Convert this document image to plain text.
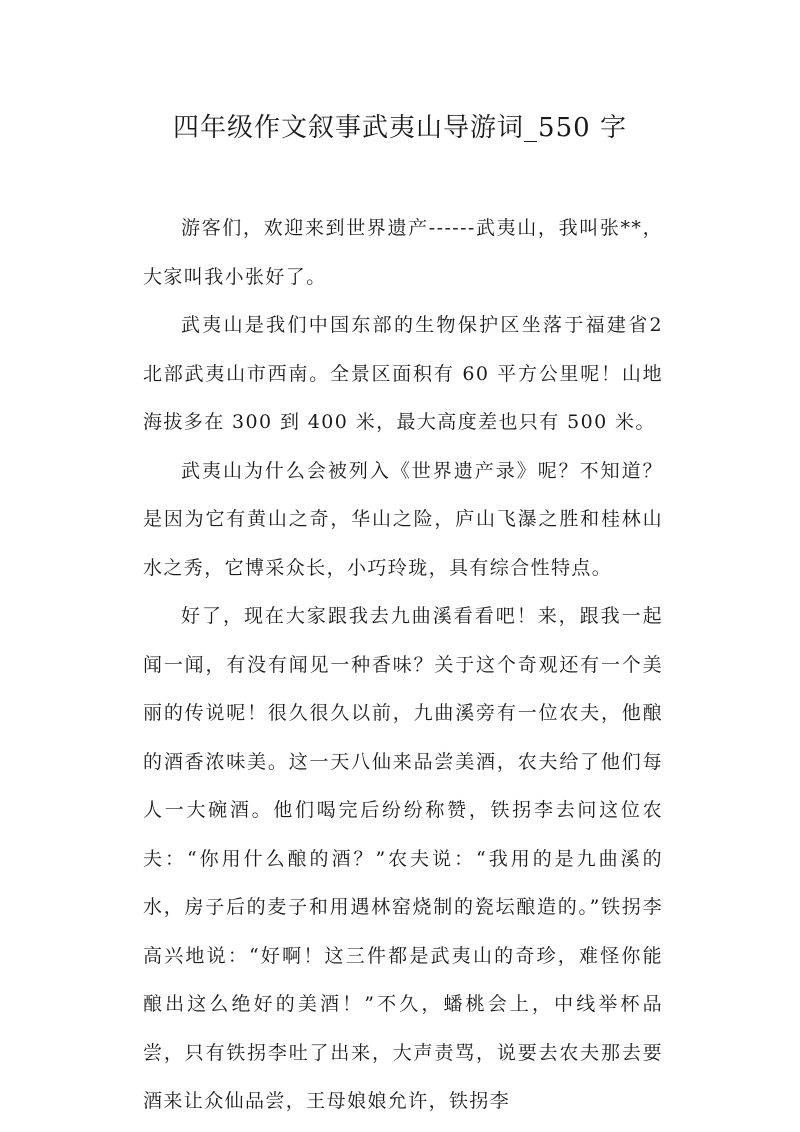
四年级作文叙事武夷山导游词_550 字

游客们，欢迎来到世界遗产------武夷山，我叫张**，大家叫我小张好了。

武夷山是我们中国东部的生物保护区坐落于福建省2 北部武夷山市西南。全景区面积有 60 平方公里呢！山地海拔多在 300 到 400 米，最大高度差也只有 500 米。

武夷山为什么会被列入《世界遗产录》呢？不知道？是因为它有黄山之奇，华山之险，庐山飞瀑之胜和桂林山水之秀，它博采众长，小巧玲珑，具有综合性特点。

好了，现在大家跟我去九曲溪看看吧！来，跟我一起闻一闻，有没有闻见一种香味？关于这个奇观还有一个美丽的传说呢！很久很久以前，九曲溪旁有一位农夫，他酿的酒香浓味美。这一天八仙来品尝美酒，农夫给了他们每人一大碗酒。他们喝完后纷纷称赞，铁拐李去问这位农夫：“你用什么酿的酒？”农夫说：“我用的是九曲溪的水，房子后的麦子和用遇林窑烧制的瓷坛酿造的。”铁拐李高兴地说：“好啊！这三件都是武夷山的奇珍，难怪你能酿出这么绝好的美酒！”不久，蟠桃会上，中线举杯品尝，只有铁拐李吐了出来，大声责骂，说要去农夫那去要酒来让众仙品尝，王母娘娘允许，铁拐李
